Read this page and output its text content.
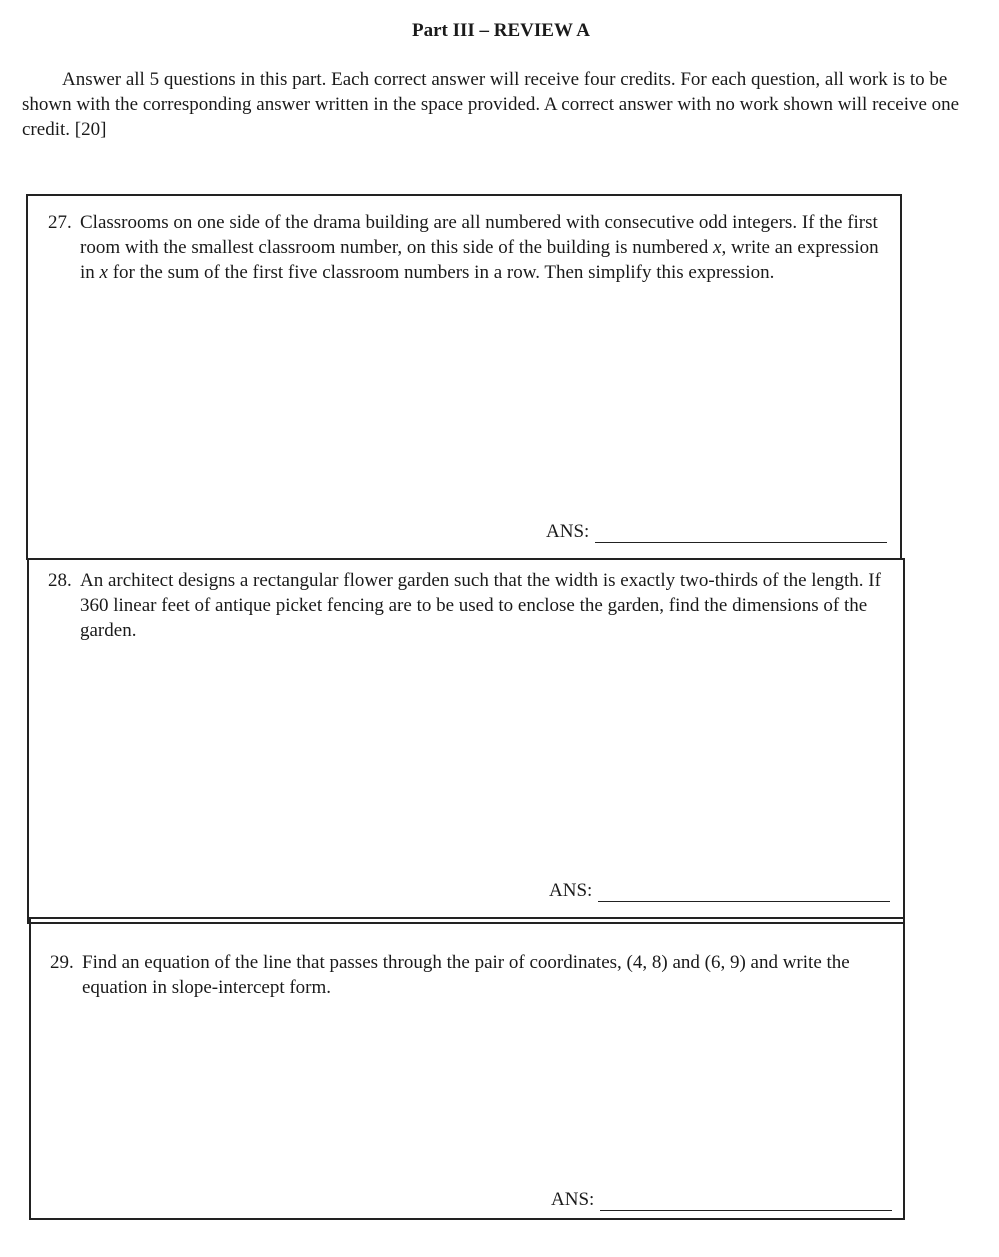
Part III – REVIEW A

Answer all 5 questions in this part. Each correct answer will receive four credits. For each question, all work is to be shown with the corresponding answer written in the space provided. A correct answer with no work shown will receive one credit. [20]

27. Classrooms on one side of the drama building are all numbered with consecutive odd integers. If the first room with the smallest classroom number, on this side of the building is numbered x, write an expression in x for the sum of the first five classroom numbers in a row. Then simplify this expression.

ANS:

28. An architect designs a rectangular flower garden such that the width is exactly two-thirds of the length. If 360 linear feet of antique picket fencing are to be used to enclose the garden, find the dimensions of the garden.

ANS:

29. Find an equation of the line that passes through the pair of coordinates, (4, 8) and (6, 9) and write the equation in slope-intercept form.

ANS:
